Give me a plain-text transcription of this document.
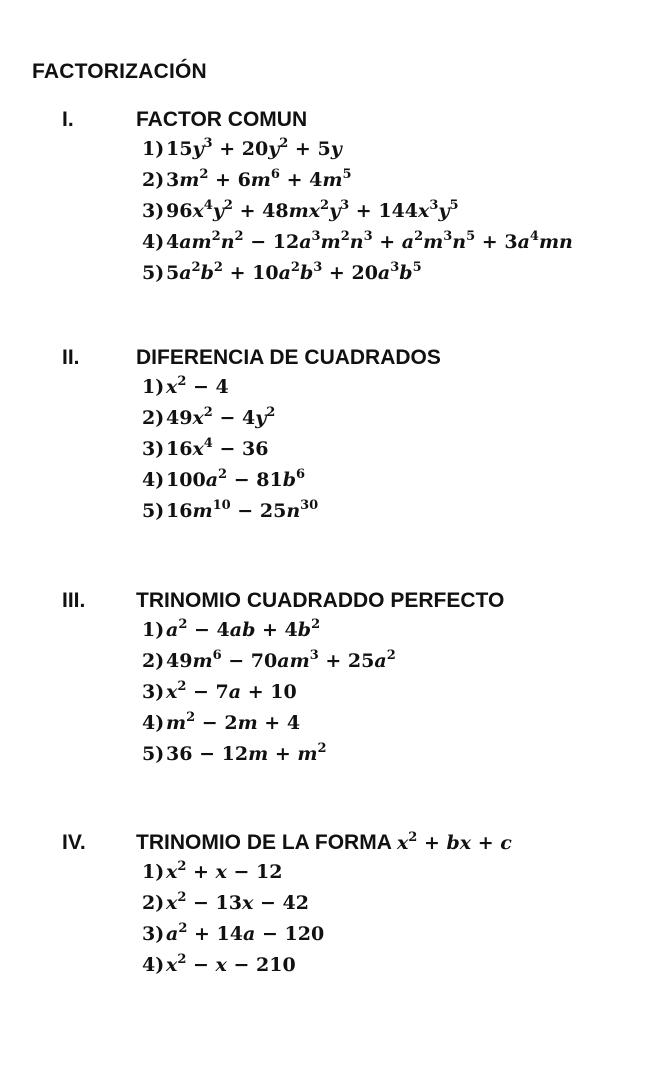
FACTORIZACIÓN
I.	FACTOR COMUN
1) $15y^3 + 20y^2 + 5y$
2) $3m^2 + 6m^6 + 4m^5$
3) $96x^4y^2 + 48mx^2y^3 + 144x^3y^5$
4) $4am^2n^2 - 12a^3m^2n^3 + a^2m^3n^5 + 3a^4mn$
5) $5a^2b^2 + 10a^2b^3 + 20a^3b^5$
II.	DIFERENCIA DE CUADRADOS
1) $x^2 - 4$
2) $49x^2 - 4y^2$
3) $16x^4 - 36$
4) $100a^2 - 81b^6$
5) $16m^{10} - 25n^{30}$
III. TRINOMIO CUADRADDO PERFECTO
1) $a^2 - 4ab + 4b^2$
2) $49m^6 - 70am^3 + 25a^2$
3) $x^2 - 7a + 10$
4) $m^2 - 2m + 4$
5) $36 - 12m + m^2$
IV. TRINOMIO DE LA FORMA $x^2$ + bx + c
1) $x^2 + x - 12$
2) $x^2 - 13x - 42$
3) $a^2 + 14a - 120$
4) $x^2 - x - 210$
